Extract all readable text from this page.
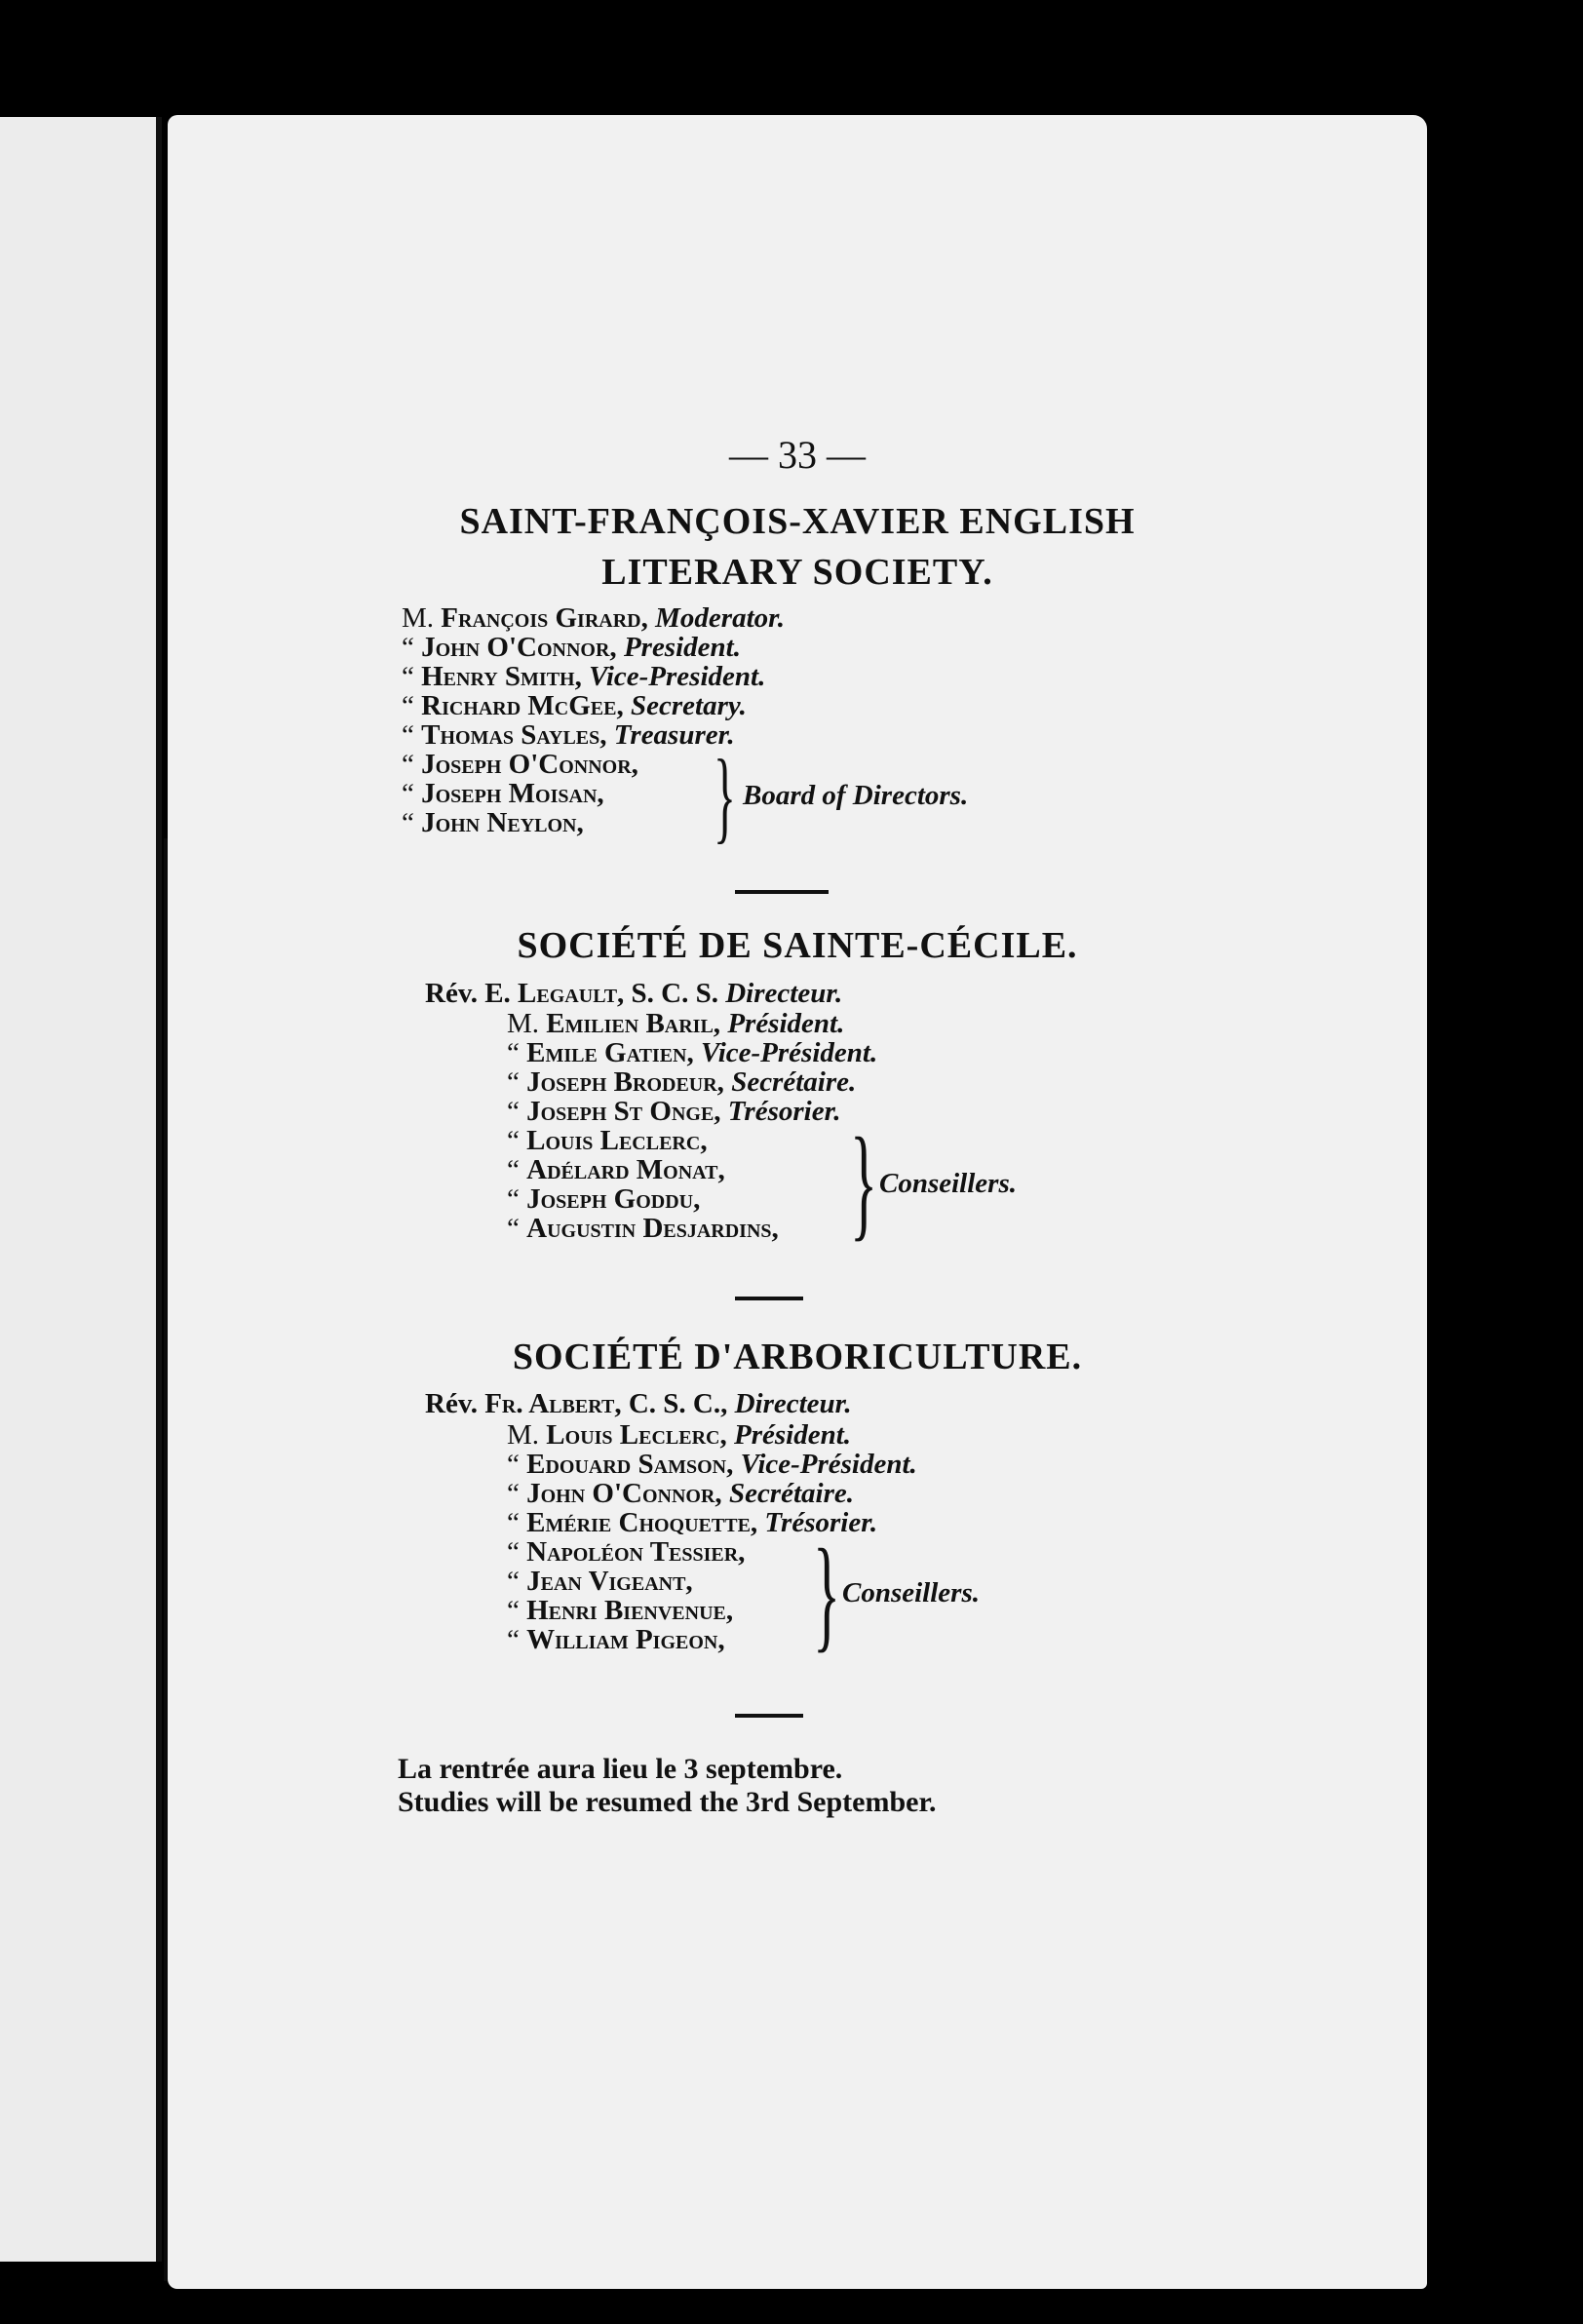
— 33 —
SAINT-FRANÇOIS-XAVIER ENGLISH
LITERARY SOCIETY.
M. François Girard, Moderator.
“ John O'Connor, President.
“ Henry Smith, Vice-President.
“ Richard McGee, Secretary.
“ Thomas Sayles, Treasurer.
“ Joseph O'Connor,
“ Joseph Moisan,
“ John Neylon, } Board of Directors.
SOCIÉTÉ DE SAINTE-CÉCILE.
Rév. E. Legault, S. C. S. Directeur.
M. Emilien Baril, Président.
“ Emile Gatien, Vice-Président.
“ Joseph Brodeur, Secrétaire.
“ Joseph St Onge, Trésorier.
“ Louis Leclerc,
“ Adélard Monat,
“ Joseph Goddu,
“ Augustin Desjardins, } Conseillers.
SOCIÉTÉ D'ARBORICULTURE.
Rév. Fr. Albert, C. S. C., Directeur.
M. Louis Leclerc, Président.
“ Edouard Samson, Vice-Président.
“ John O'Connor, Secrétaire.
“ Emérie Choquette, Trésorier.
“ Napoléon Tessier,
“ Jean Vigeant,
“ Henri Bienvenue,
“ William Pigeon, } Conseillers.
La rentrée aura lieu le 3 septembre.
Studies will be resumed the 3rd September.
